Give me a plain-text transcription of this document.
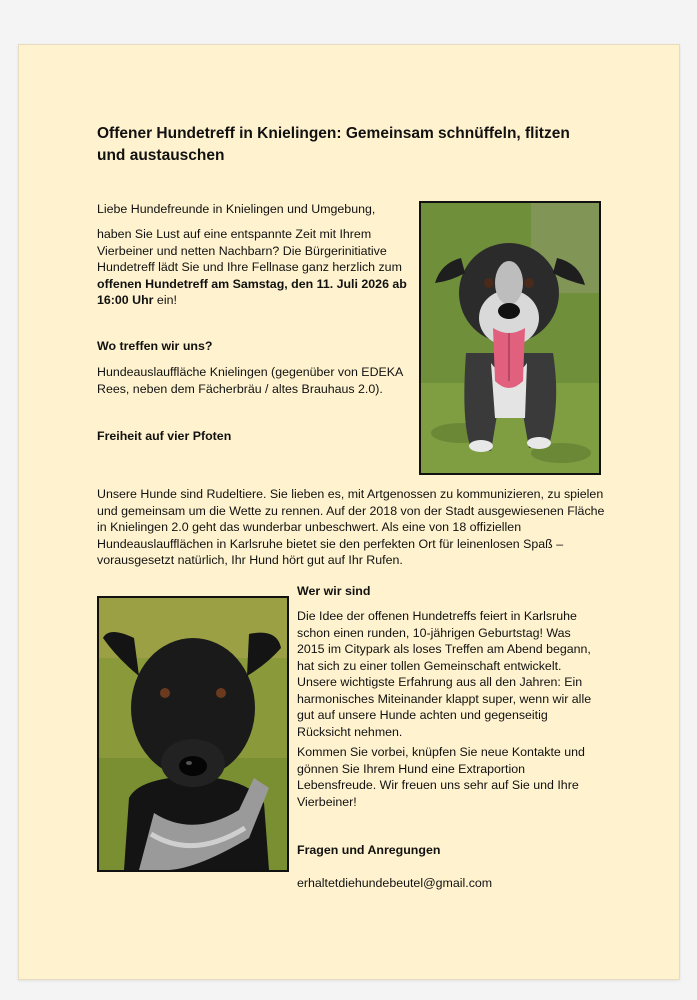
Offener Hundetreff in Knielingen: Gemeinsam schnüffeln, flitzen und austauschen

Liebe Hundefreunde in Knielingen und Umgebung,

haben Sie Lust auf eine entspannte Zeit mit Ihrem Vierbeiner und netten Nachbarn? Die Bürgerinitiative Hundetreff lädt Sie und Ihre Fellnase ganz herzlich zum offenen Hundetreff am Samstag, den 11. Juli 2026 ab 16:00 Uhr ein!

Wo treffen wir uns?

Hundeauslauffläche Knielingen (gegenüber von EDEKA Rees, neben dem Fächerbräu / altes Brauhaus 2.0).

Freiheit auf vier Pfoten

Unsere Hunde sind Rudeltiere. Sie lieben es, mit Artgenossen zu kommunizieren, zu spielen und gemeinsam um die Wette zu rennen. Auf der 2018 von der Stadt ausgewiesenen Fläche in Knielingen 2.0 geht das wunderbar unbeschwert. Als eine von 18 offiziellen Hundeauslaufflächen in Karlsruhe bietet sie den perfekten Ort für leinenlosen Spaß – vorausgesetzt natürlich, Ihr Hund hört gut auf Ihr Rufen.

Wer wir sind

Die Idee der offenen Hundetreffs feiert in Karlsruhe schon einen runden, 10-jährigen Geburtstag! Was 2015 im Citypark als loses Treffen am Abend begann, hat sich zu einer tollen Gemeinschaft entwickelt. Unsere wichtigste Erfahrung aus all den Jahren: Ein harmonisches Miteinander klappt super, wenn wir alle gut auf unsere Hunde achten und gegenseitig Rücksicht nehmen.

Kommen Sie vorbei, knüpfen Sie neue Kontakte und gönnen Sie Ihrem Hund eine Extraportion Lebensfreude. Wir freuen uns sehr auf Sie und Ihre Vierbeiner!

Fragen und Anregungen

erhaltetdiehundebeutel@gmail.com
